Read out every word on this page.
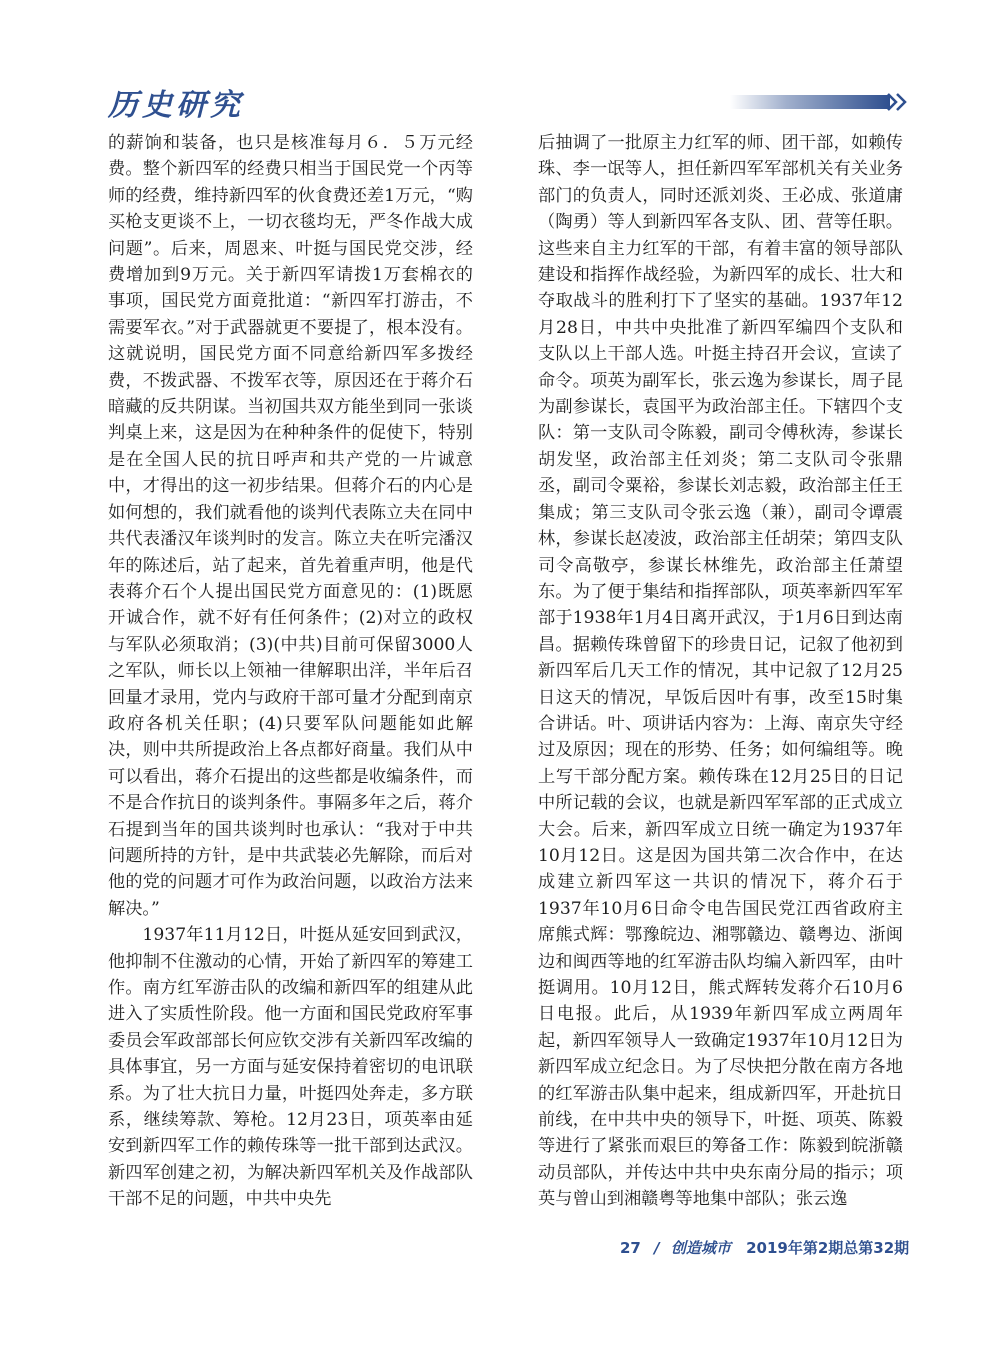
历史研究

的薪饷和装备，也只是核准每月６．５万元经费。整个新四军的经费只相当于国民党一个丙等师的经费，维持新四军的伙食费还差1万元，“购买枪支更谈不上，一切衣毯均无，严冬作战大成问题”。后来，周恩来、叶挺与国民党交涉，经费增加到9万元。关于新四军请拨1万套棉衣的事项，国民党方面竟批道：“新四军打游击，不需要军衣。”对于武器就更不要提了，根本没有。这就说明，国民党方面不同意给新四军多拨经费，不拨武器、不拨军衣等，原因还在于蒋介石暗藏的反共阴谋。当初国共双方能坐到同一张谈判桌上来，这是因为在种种条件的促使下，特别是在全国人民的抗日呼声和共产党的一片诚意中，才得出的这一初步结果。但蒋介石的内心是如何想的，我们就看他的谈判代表陈立夫在同中共代表潘汉年谈判时的发言。陈立夫在听完潘汉年的陈述后，站了起来，首先着重声明，他是代表蒋介石个人提出国民党方面意见的：(1)既愿开诚合作，就不好有任何条件；(2)对立的政权与军队必须取消；(3)(中共)目前可保留3000人之军队，师长以上领袖一律解职出洋，半年后召回量才录用，党内与政府干部可量才分配到南京政府各机关任职；(4)只要军队问题能如此解决，则中共所提政治上各点都好商量。我们从中可以看出，蒋介石提出的这些都是收编条件，而不是合作抗日的谈判条件。事隔多年之后，蒋介石提到当年的国共谈判时也承认：“我对于中共问题所持的方针，是中共武装必先解除，而后对他的党的问题才可作为政治问题，以政治方法来解决。”

1937年11月12日，叶挺从延安回到武汉，他抑制不住激动的心情，开始了新四军的筹建工作。南方红军游击队的改编和新四军的组建从此进入了实质性阶段。他一方面和国民党政府军事委员会军政部部长何应钦交涉有关新四军改编的具体事宜，另一方面与延安保持着密切的电讯联系。为了壮大抗日力量，叶挺四处奔走，多方联系，继续筹款、筹枪。12月23日，项英率由延安到新四军工作的赖传珠等一批干部到达武汉。新四军创建之初，为解决新四军机关及作战部队干部不足的问题，中共中央先

后抽调了一批原主力红军的师、团干部，如赖传珠、李一氓等人，担任新四军军部机关有关业务部门的负责人，同时还派刘炎、王必成、张道庸（陶勇）等人到新四军各支队、团、营等任职。这些来自主力红军的干部，有着丰富的领导部队建设和指挥作战经验，为新四军的成长、壮大和夺取战斗的胜利打下了坚实的基础。1937年12月28日，中共中央批准了新四军编四个支队和支队以上干部人选。叶挺主持召开会议，宣读了命令。项英为副军长，张云逸为参谋长，周子昆为副参谋长，袁国平为政治部主任。下辖四个支队：第一支队司令陈毅，副司令傅秋涛，参谋长胡发坚，政治部主任刘炎；第二支队司令张鼎丞，副司令粟裕，参谋长刘志毅，政治部主任王集成；第三支队司令张云逸（兼），副司令谭震林，参谋长赵凌波，政治部主任胡荣；第四支队司令高敬亭，参谋长林维先，政治部主任萧望东。为了便于集结和指挥部队，项英率新四军军部于1938年1月4日离开武汉，于1月6日到达南昌。据赖传珠曾留下的珍贵日记，记叙了他初到新四军后几天工作的情况，其中记叙了12月25日这天的情况，早饭后因叶有事，改至15时集合讲话。叶、项讲话内容为：上海、南京失守经过及原因；现在的形势、任务；如何编组等。晚上写干部分配方案。赖传珠在12月25日的日记中所记载的会议，也就是新四军军部的正式成立大会。后来，新四军成立日统一确定为1937年10月12日。这是因为国共第二次合作中，在达成建立新四军这一共识的情况下，蒋介石于1937年10月6日命令电告国民党江西省政府主席熊式辉：鄂豫皖边、湘鄂赣边、赣粤边、浙闽边和闽西等地的红军游击队均编入新四军，由叶挺调用。10月12日，熊式辉转发蒋介石10月6日电报。此后，从1939年新四军成立两周年起，新四军领导人一致确定1937年10月12日为新四军成立纪念日。为了尽快把分散在南方各地的红军游击队集中起来，组成新四军，开赴抗日前线，在中共中央的领导下，叶挺、项英、陈毅等进行了紧张而艰巨的筹备工作：陈毅到皖浙赣动员部队，并传达中共中央东南分局的指示；项英与曾山到湘赣粤等地集中部队；张云逸

27 / 创造城市 2019年第2期总第32期
